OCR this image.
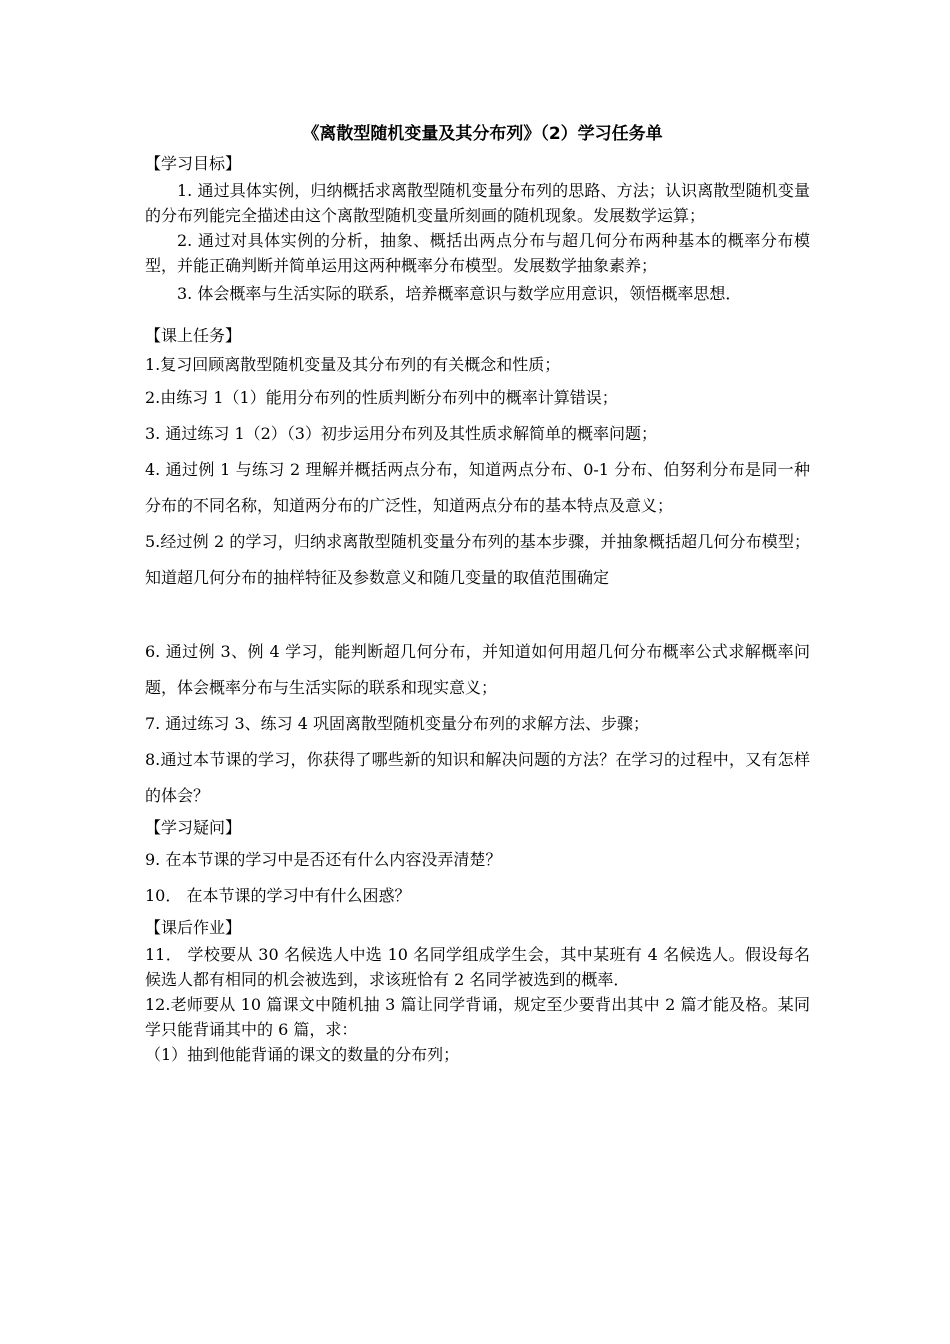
《离散型随机变量及其分布列》（2）学习任务单

【学习目标】

1. 通过具体实例，归纳概括求离散型随机变量分布列的思路、方法；认识离散型随机变量的分布列能完全描述由这个离散型随机变量所刻画的随机现象。发展数学运算；

2. 通过对具体实例的分析，抽象、概括出两点分布与超几何分布两种基本的概率分布模型，并能正确判断并简单运用这两种概率分布模型。发展数学抽象素养；

3. 体会概率与生活实际的联系，培养概率意识与数学应用意识，领悟概率思想．

【课上任务】

1.复习回顾离散型随机变量及其分布列的有关概念和性质；

2.由练习 1（1）能用分布列的性质判断分布列中的概率计算错误；

3. 通过练习 1（2）（3）初步运用分布列及其性质求解简单的概率问题；

4. 通过例 1 与练习 2 理解并概括两点分布，知道两点分布、0-1 分布、伯努利分布是同一种分布的不同名称，知道两分布的广泛性，知道两点分布的基本特点及意义；

5.经过例 2 的学习，归纳求离散型随机变量分布列的基本步骤，并抽象概括超几何分布模型；知道超几何分布的抽样特征及参数意义和随几变量的取值范围确定

6. 通过例 3、例 4 学习，能判断超几何分布，并知道如何用超几何分布概率公式求解概率问题，体会概率分布与生活实际的联系和现实意义；

7. 通过练习 3、练习 4 巩固离散型随机变量分布列的求解方法、步骤；

8.通过本节课的学习，你获得了哪些新的知识和解决问题的方法？在学习的过程中，又有怎样的体会？

【学习疑问】

9. 在本节课的学习中是否还有什么内容没弄清楚？

10． 在本节课的学习中有什么困惑？

【课后作业】

11． 学校要从 30 名候选人中选 10 名同学组成学生会，其中某班有 4 名候选人。假设每名候选人都有相同的机会被选到，求该班恰有 2 名同学被选到的概率．

12.老师要从 10 篇课文中随机抽 3 篇让同学背诵，规定至少要背出其中 2 篇才能及格。某同学只能背诵其中的 6 篇，求：

（1）抽到他能背诵的课文的数量的分布列；
